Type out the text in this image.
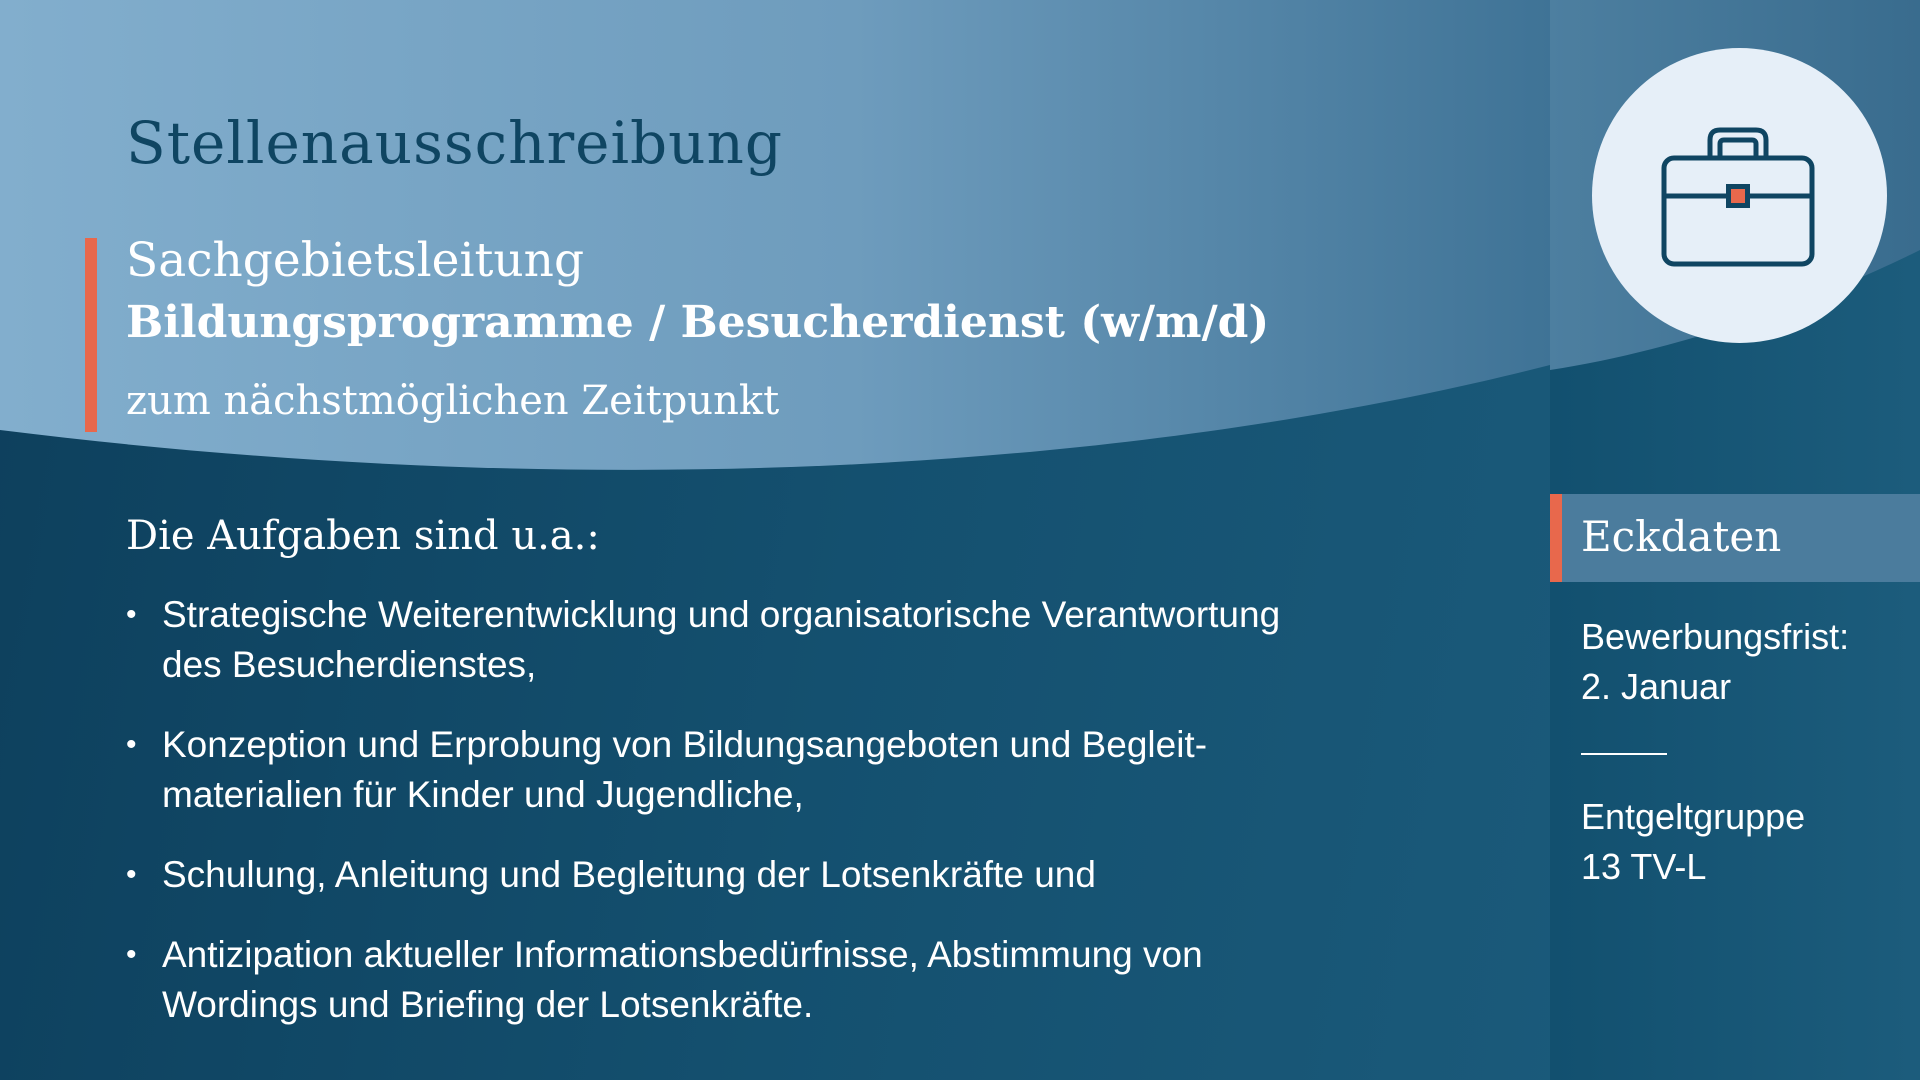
Stellenausschreibung
Sachgebietsleitung
Bildungsprogramme / Besucherdienst (w/m/d)
zum nächstmöglichen Zeitpunkt
Die Aufgaben sind u.a.:
• Strategische Weiterentwicklung und organisatorische Verantwortung
des Besucherdienstes,
• Konzeption und Erprobung von Bildungsangeboten und Begleit-
materialien für Kinder und Jugendliche,
• Schulung, Anleitung und Begleitung der Lotsenkräfte und
• Antizipation aktueller Informationsbedürfnisse, Abstimmung von
Wordings und Briefing der Lotsenkräfte.
Eckdaten
Bewerbungsfrist:
2. Januar
Entgeltgruppe
13 TV-L
